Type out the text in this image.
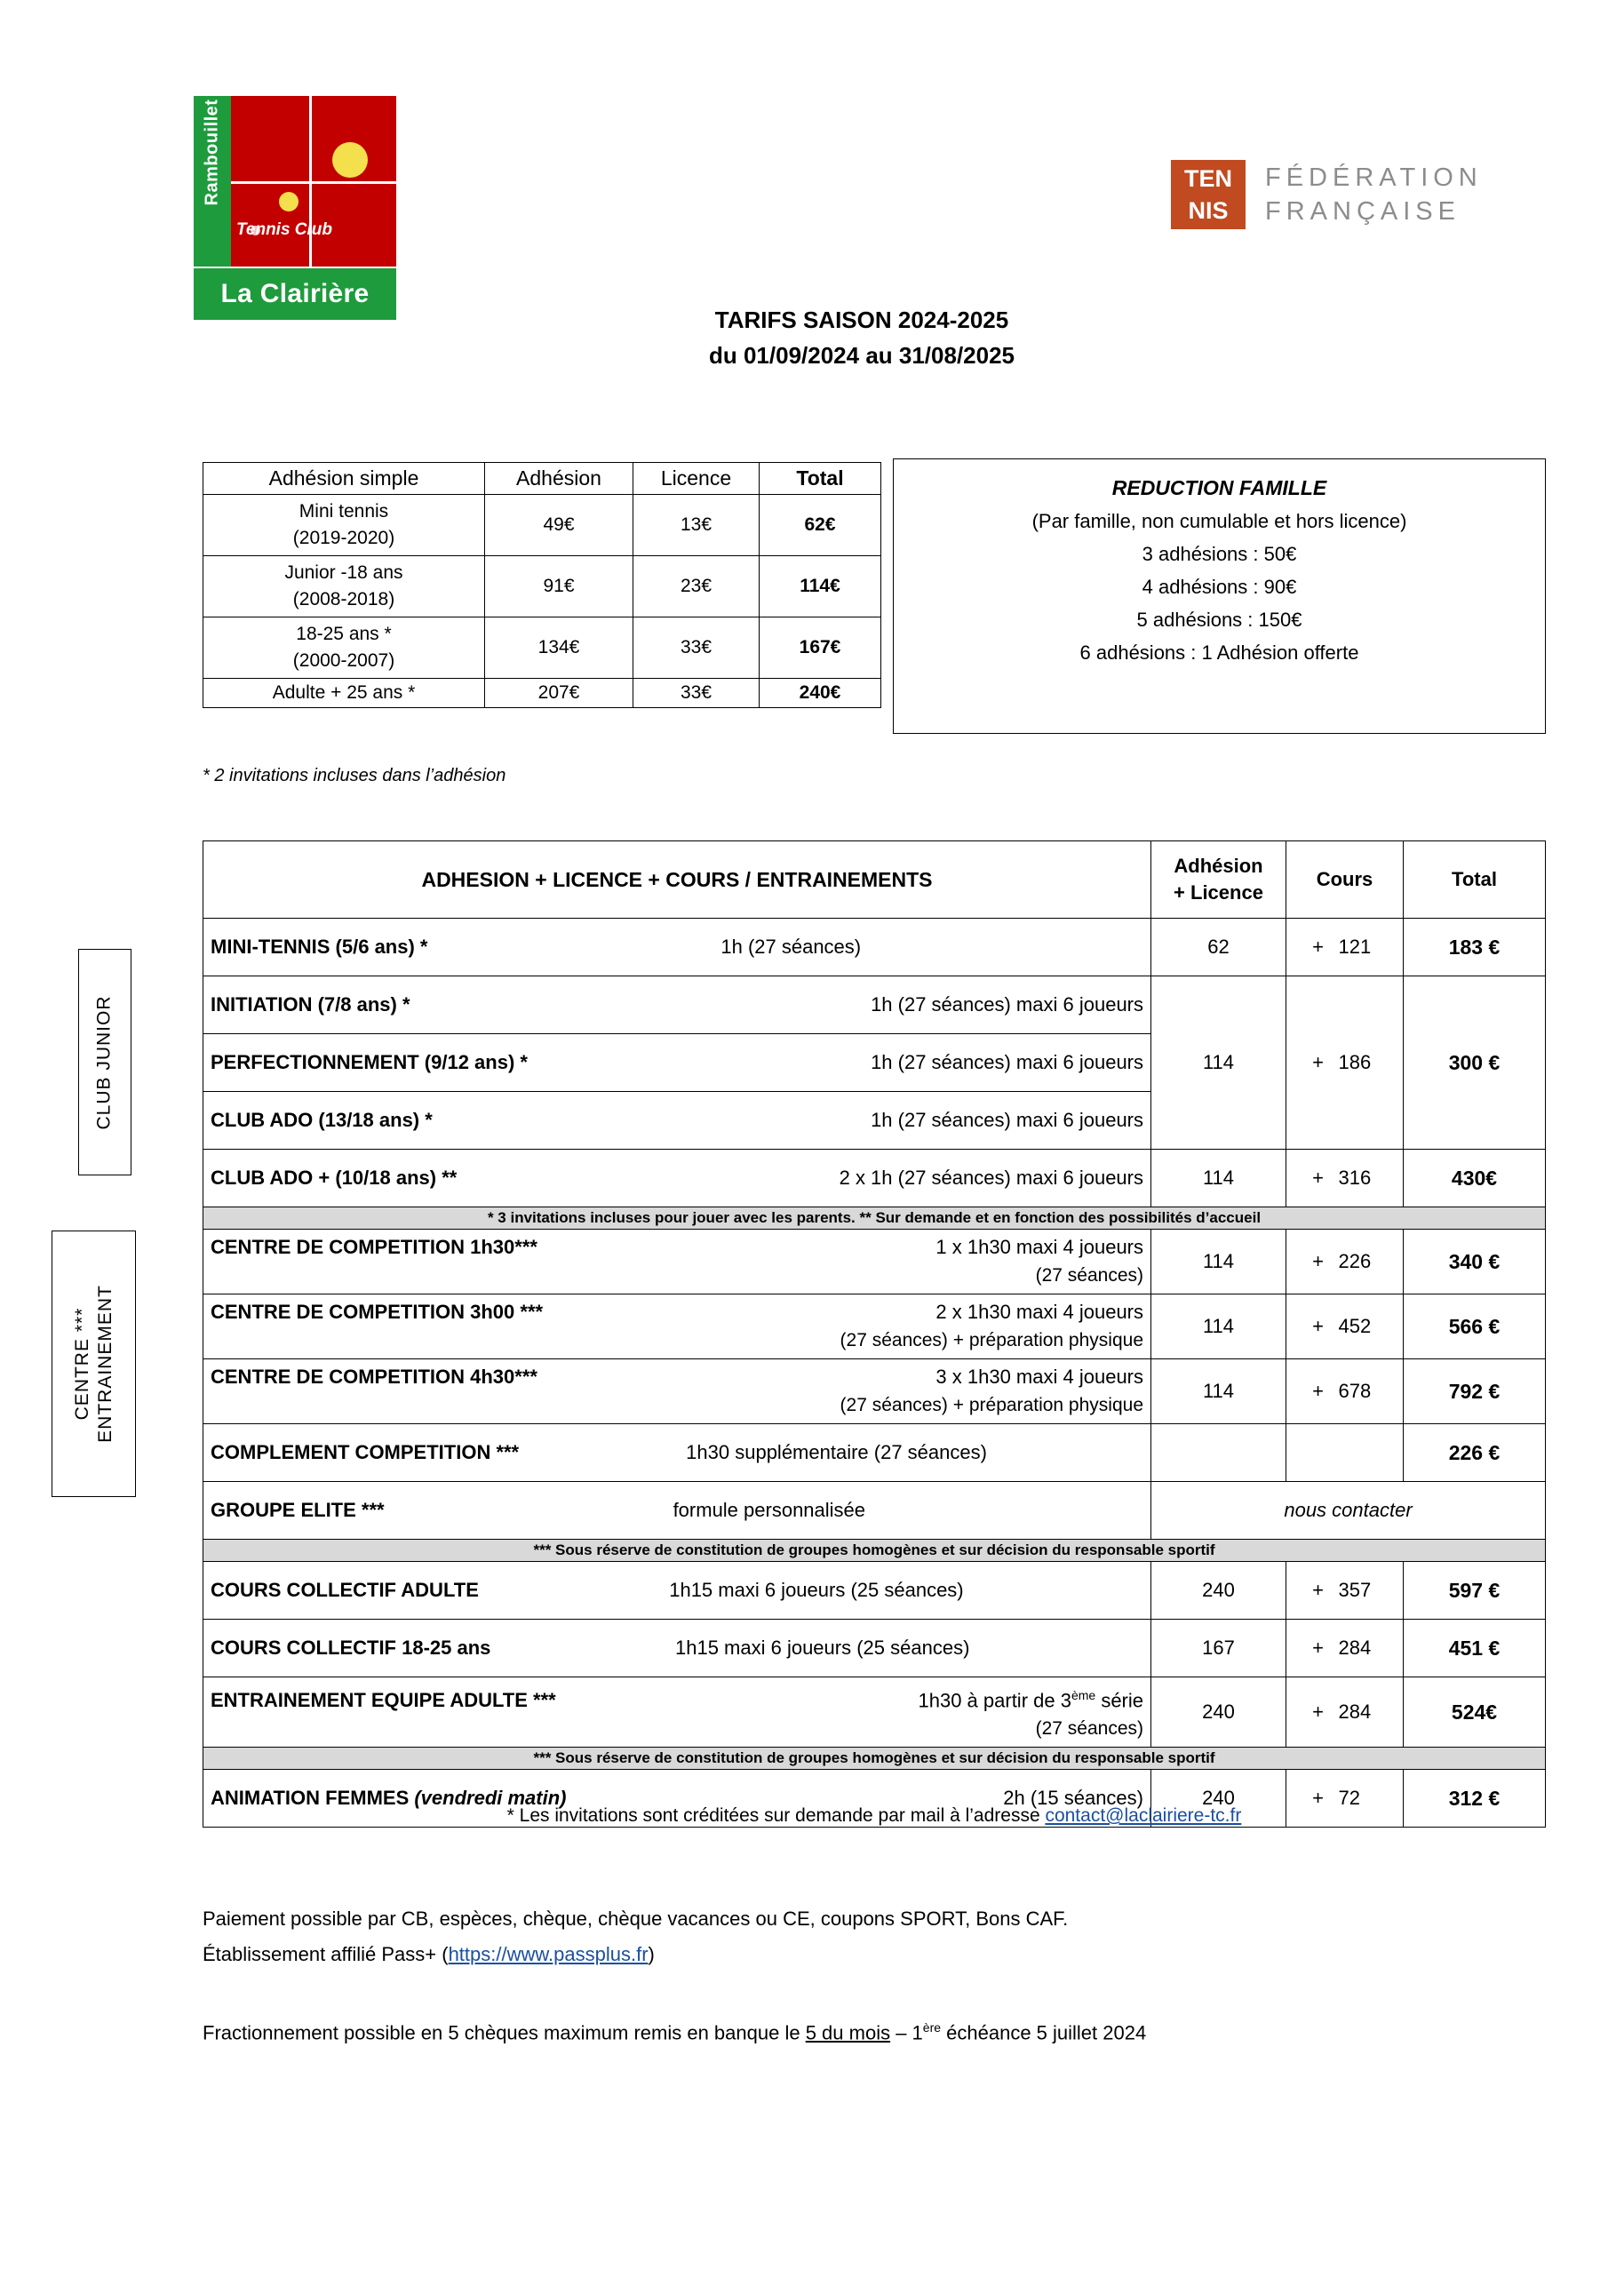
Rambouillet
Tennis Club
La Clairière
TEN
NIS
FÉDÉRATION
FRANÇAISE
TARIFS SAISON 2024-2025
du 01/09/2024 au 31/08/2025
Adhésion simple	Adhésion	Licence	Total

Mini tennis
(2019-2020)	49€	13€	62€

Junior -18 ans
(2008-2018)	91€	23€	114€

18-25 ans *
(2000-2007)	134€	33€	167€
Adulte + 25 ans *	207€	33€	240€
* 2 invitations incluses dans l’adhésion
REDUCTION FAMILLE
(Par famille, non cumulable et hors licence)
3 adhésions : 50€
4 adhésions : 90€
5 adhésions : 150€
6 adhésions : 1 Adhésion offerte
CLUB JUNIOR
CENTRE *** ENTRAINEMENT
ADHESION + LICENCE + COURS / ENTRAINEMENTS	Adhésion
+ Licence	Cours	Total

MINI-TENNIS (5/6 ans) * 1h (27 séances)	62	+ 121	183 €

INITIATION (7/8 ans) * 1h (27 séances) maxi 6 joueurs	114	+ 186	300 €

PERFECTIONNEMENT (9/12 ans) * 1h (27 séances) maxi 6 joueurs			

CLUB ADO (13/18 ans) * 1h (27 séances) maxi 6 joueurs			

CLUB ADO + (10/18 ans) ** 2 x 1h (27 séances) maxi 6 joueurs	114	+ 316	430€
* 3 invitations incluses pour jouer avec les parents. ** Sur demande et en fonction des possibilités d’accueil			

CENTRE DE COMPETITION 1h30*** 1 x 1h30 maxi 4 joueurs
(27 séances)	114	+ 226	340 €

CENTRE DE COMPETITION 3h00 *** 2 x 1h30 maxi 4 joueurs
(27 séances) + préparation physique	114	+ 452	566 €

CENTRE DE COMPETITION 4h30*** 3 x 1h30 maxi 4 joueurs
(27 séances) + préparation physique	114	+ 678	792 €

COMPLEMENT COMPETITION *** 1h30 supplémentaire (27 séances)			226 €

GROUPE ELITE *** formule personnalisée	nous contacter		
*** Sous réserve de constitution de groupes homogènes et sur décision du responsable sportif			

COURS COLLECTIF ADULTE 1h15 maxi 6 joueurs (25 séances)	240	+ 357	597 €

COURS COLLECTIF 18-25 ans 1h15 maxi 6 joueurs (25 séances)	167	+ 284	451 €

ENTRAINEMENT EQUIPE ADULTE *** 1h30 à partir de 3ème série
(27 séances)	240	+ 284	524€
*** Sous réserve de constitution de groupes homogènes et sur décision du responsable sportif			

ANIMATION FEMMES (vendredi matin) 2h (15 séances)	240	+ 72	312 €
* Les invitations sont créditées sur demande par mail à l’adresse contact@laclairiere-tc.fr
Paiement possible par CB, espèces, chèque, chèque vacances ou CE, coupons SPORT, Bons CAF.
Établissement affilié Pass+ (https://www.passplus.fr)
Fractionnement possible en 5 chèques maximum remis en banque le 5 du mois – 1ère échéance 5 juillet 2024
